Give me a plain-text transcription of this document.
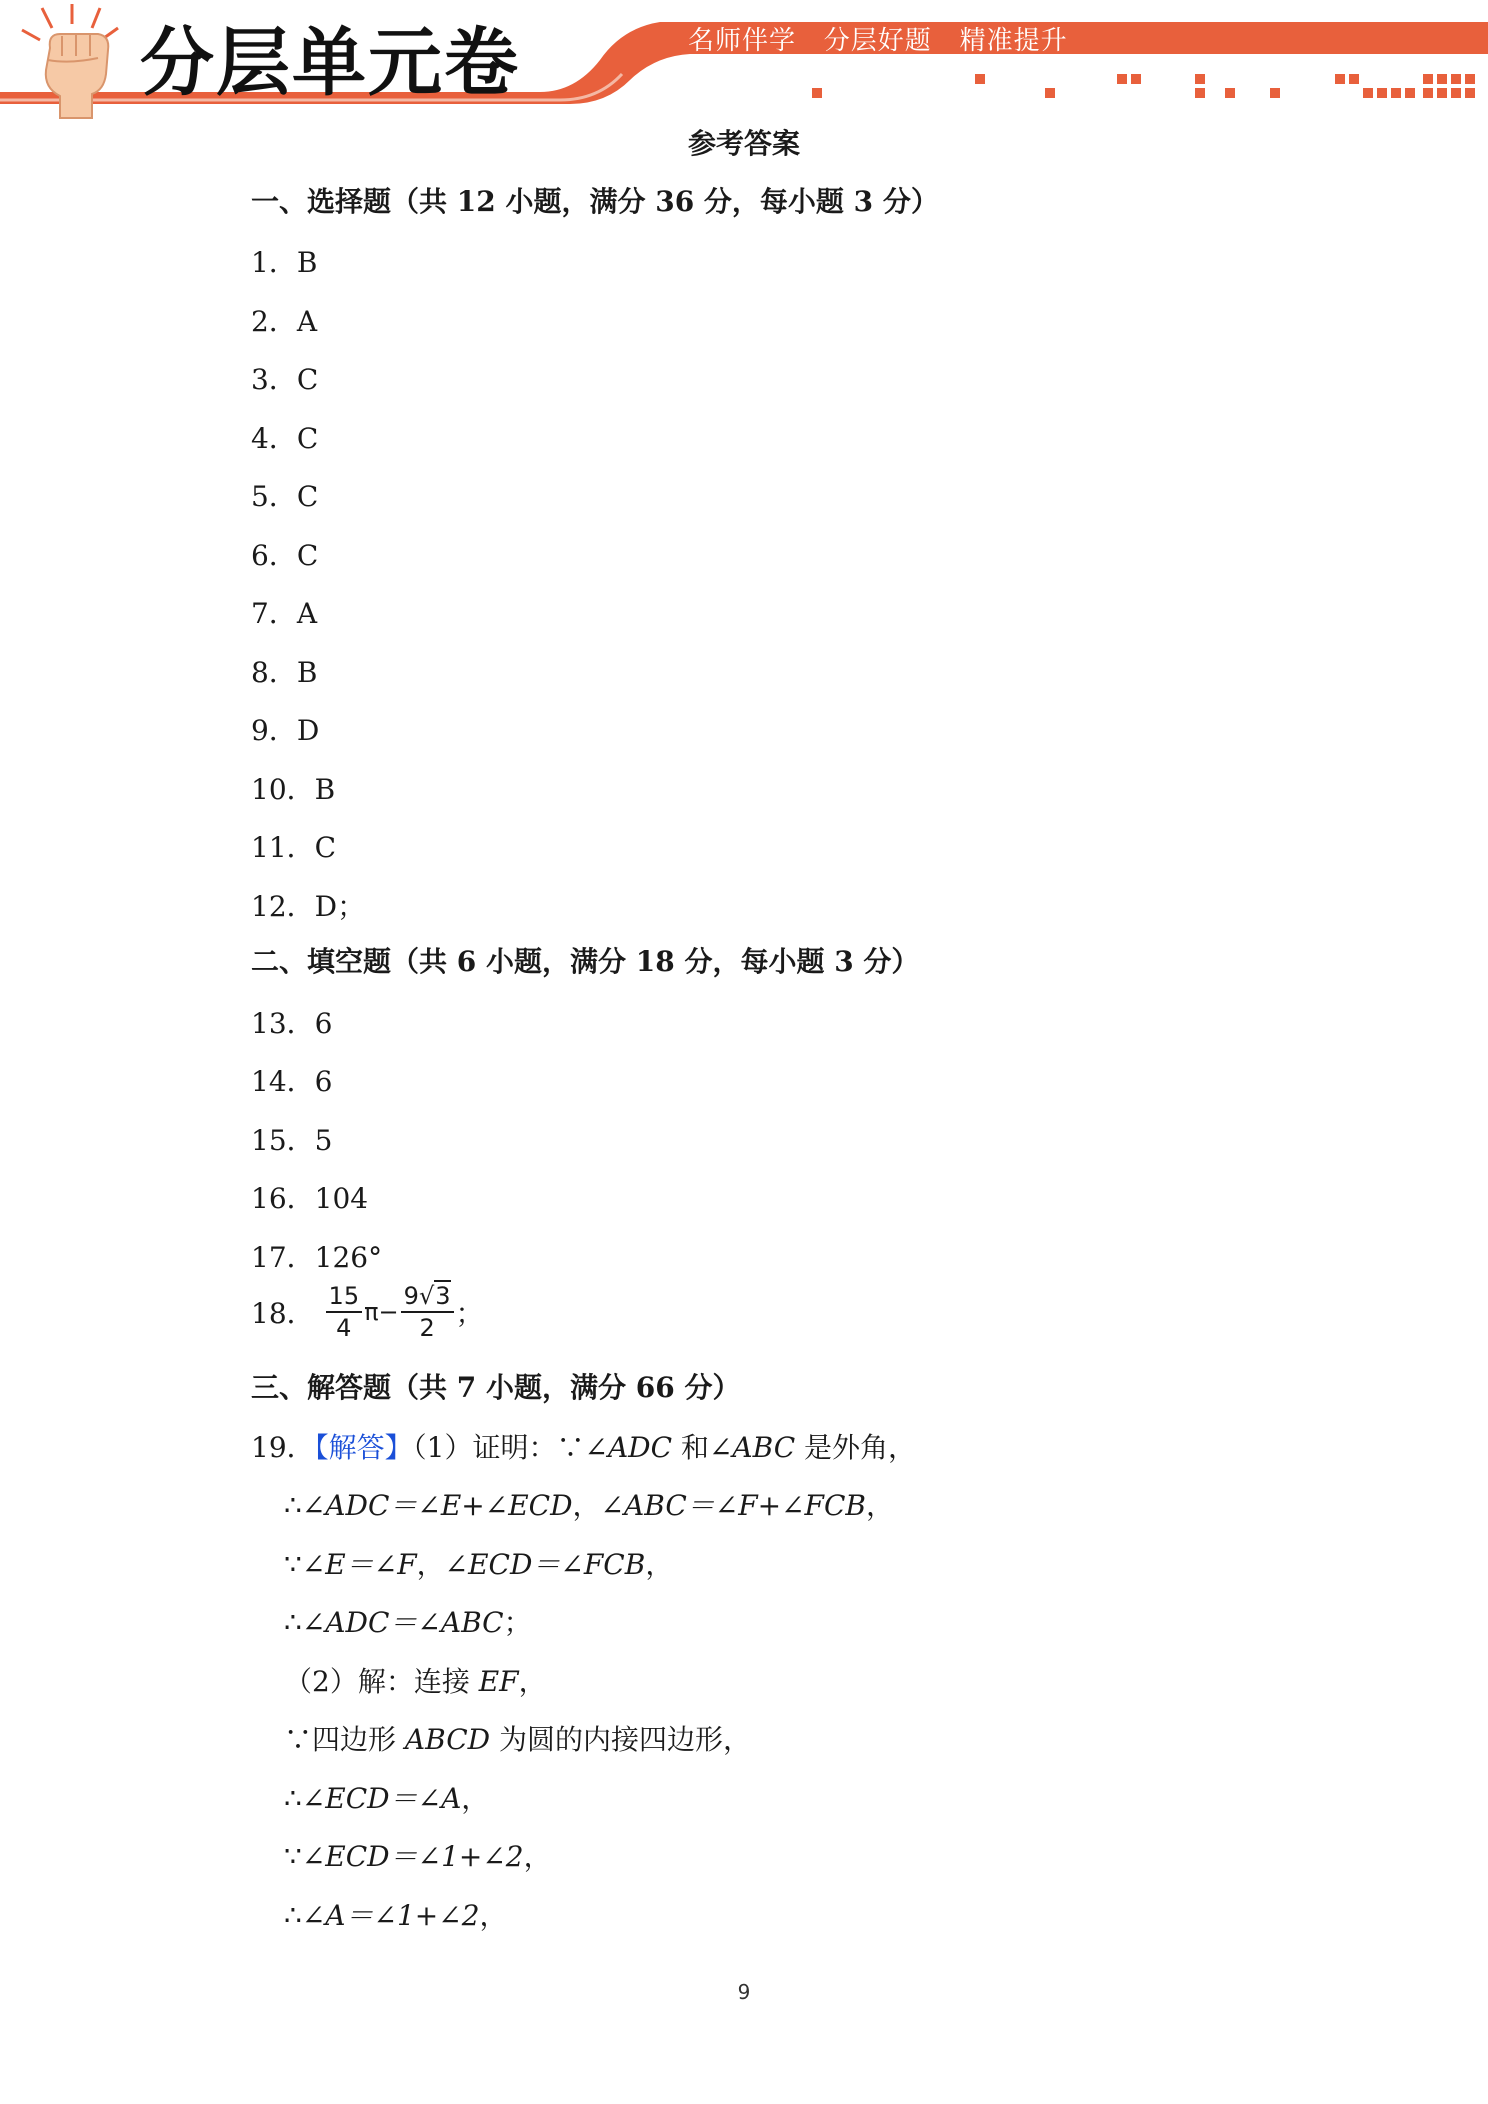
分层单元卷	名师伴学   分层好题   精准提升
参考答案
一、选择题（共 12 小题，满分 36 分，每小题 3 分）
1．B
2．A
3．C
4．C
5．C
6．C
7．A
8．B
9．D
10．B
11．C
12．D；
二、填空题（共 6 小题，满分 18 分，每小题 3 分）
13．6
14．6
15．5
16．104
17．126°
18． $\frac{15}{4} \pi- \frac{9√3}{2}$ ；
三、解答题（共 7 小题，满分 66 分）
19．【解答】（1）证明：∵∠ADC 和∠ABC 是外角，
∴∠ADC＝∠E+∠ECD，∠ABC＝∠F+∠FCB，
∵∠E＝∠F，∠ECD＝∠FCB，
∴∠ADC＝∠ABC；
（2）解：连接 EF，
∵四边形 ABCD 为圆的内接四边形，
∴∠ECD＝∠A，
∵∠ECD＝∠1+∠2，
∴∠A＝∠1+∠2，
9
